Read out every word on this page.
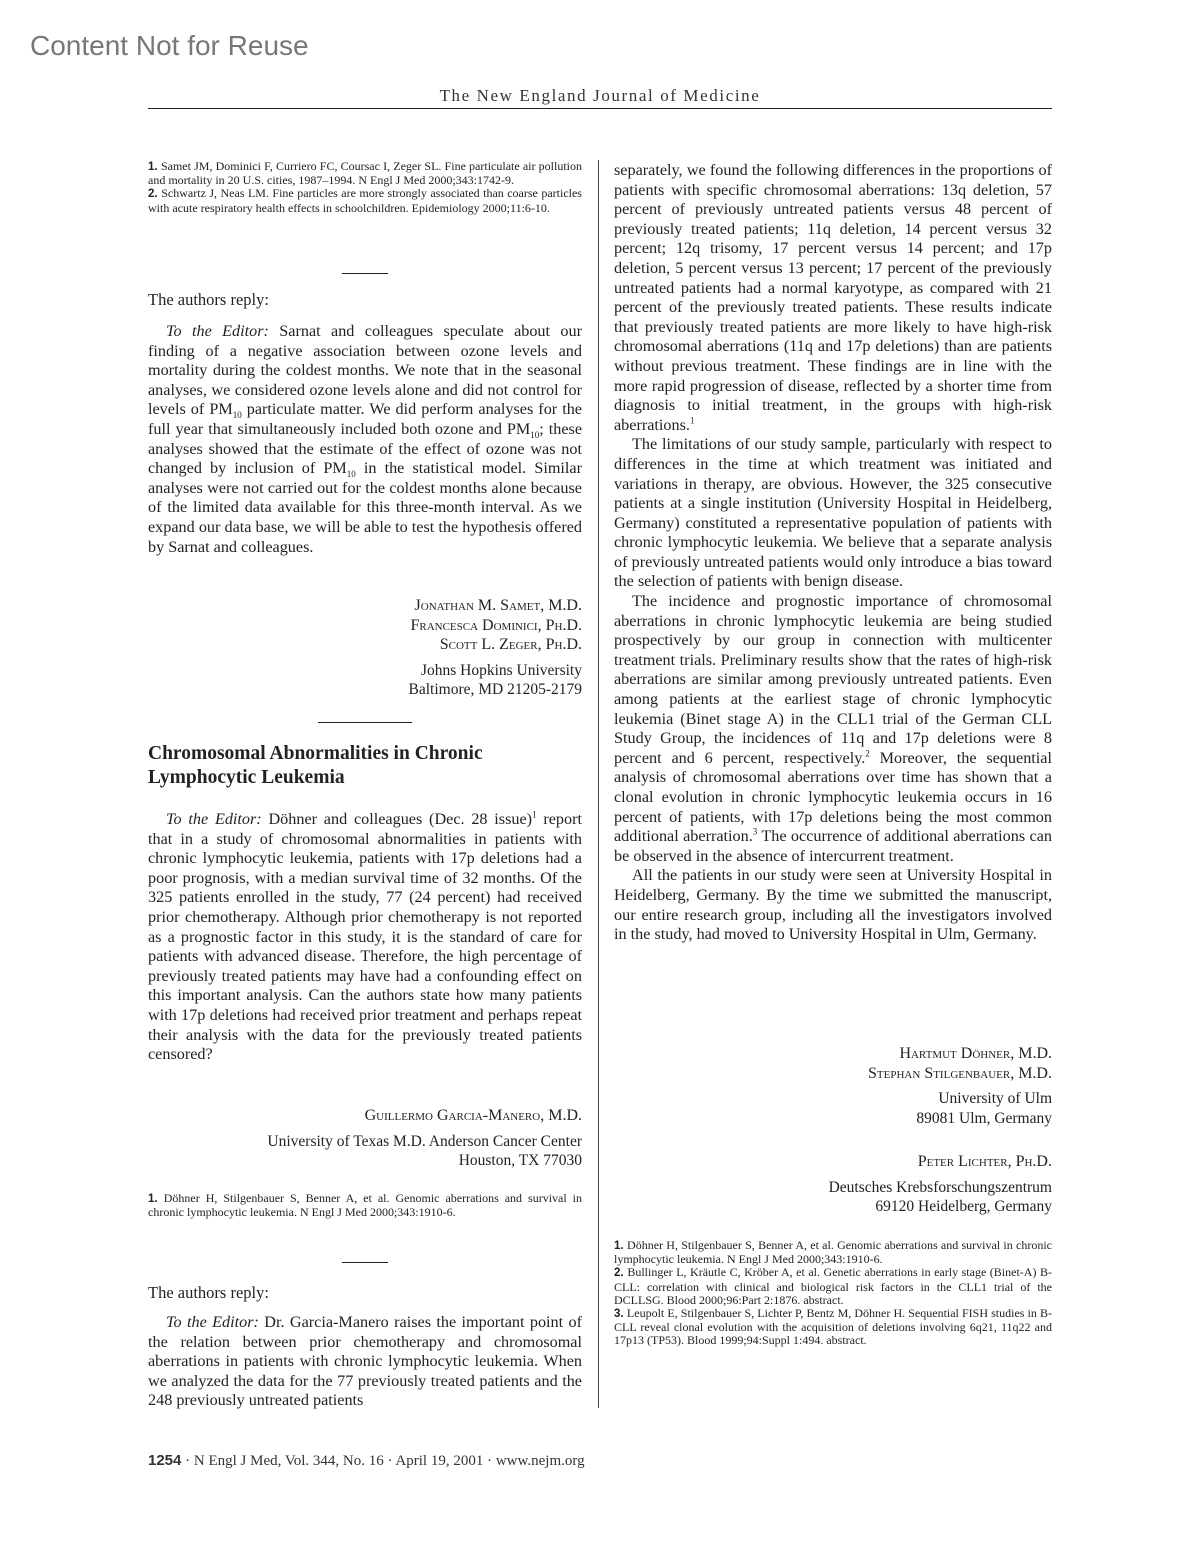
Content Not for Reuse
The New England Journal of Medicine

1. Samet JM, Dominici F, Curriero FC, Coursac I, Zeger SL. Fine particulate air pollution and mortality in 20 U.S. cities, 1987–1994. N Engl J Med 2000;343:1742-9.

2. Schwartz J, Neas LM. Fine particles are more strongly associated than coarse particles with acute respiratory health effects in schoolchildren. Epidemiology 2000;11:6-10.

The authors reply:

To the Editor: Sarnat and colleagues speculate about our finding of a negative association between ozone levels and mortality during the coldest months. We note that in the seasonal analyses, we considered ozone levels alone and did not control for levels of $PM_{10}$ particulate matter. We did perform analyses for the full year that simultaneously included both ozone and $PM_{10}$; these analyses showed that the estimate of the effect of ozone was not changed by inclusion of $PM_{10}$ in the statistical model. Similar analyses were not carried out for the coldest months alone because of the limited data available for this three-month interval. As we expand our data base, we will be able to test the hypothesis offered by Sarnat and colleagues.

Jonathan M. Samet, M.D.

Francesca Dominici, Ph.D.

Scott L. Zeger, Ph.D.

Johns Hopkins University

Baltimore, MD 21205-2179

Chromosomal Abnormalities in Chronic
Lymphocytic Leukemia

To the Editor: Döhner and colleagues (Dec. 28 issue)$^1$ report that in a study of chromosomal abnormalities in patients with chronic lymphocytic leukemia, patients with 17p deletions had a poor prognosis, with a median survival time of 32 months. Of the 325 patients enrolled in the study, 77 (24 percent) had received prior chemotherapy. Although prior chemotherapy is not reported as a prognostic factor in this study, it is the standard of care for patients with advanced disease. Therefore, the high percentage of previously treated patients may have had a confounding effect on this important analysis. Can the authors state how many patients with 17p deletions had received prior treatment and perhaps repeat their analysis with the data for the previously treated patients censored?

Guillermo Garcia-Manero, M.D.

University of Texas M.D. Anderson Cancer Center

Houston, TX 77030

1. Döhner H, Stilgenbauer S, Benner A, et al. Genomic aberrations and survival in chronic lymphocytic leukemia. N Engl J Med 2000;343:1910-6.

The authors reply:

To the Editor: Dr. Garcia-Manero raises the important point of the relation between prior chemotherapy and chromosomal aberrations in patients with chronic lymphocytic leukemia. When we analyzed the data for the 77 previously treated patients and the 248 previously untreated patients

separately, we found the following differences in the proportions of patients with specific chromosomal aberrations: 13q deletion, 57 percent of previously untreated patients versus 48 percent of previously treated patients; 11q deletion, 14 percent versus 32 percent; 12q trisomy, 17 percent versus 14 percent; and 17p deletion, 5 percent versus 13 percent; 17 percent of the previously untreated patients had a normal karyotype, as compared with 21 percent of the previously treated patients. These results indicate that previously treated patients are more likely to have high-risk chromosomal aberrations (11q and 17p deletions) than are patients without previous treatment. These findings are in line with the more rapid progression of disease, reflected by a shorter time from diagnosis to initial treatment, in the groups with high-risk aberrations.$^1$

The limitations of our study sample, particularly with respect to differences in the time at which treatment was initiated and variations in therapy, are obvious. However, the 325 consecutive patients at a single institution (University Hospital in Heidelberg, Germany) constituted a representative population of patients with chronic lymphocytic leukemia. We believe that a separate analysis of previously untreated patients would only introduce a bias toward the selection of patients with benign disease.

The incidence and prognostic importance of chromosomal aberrations in chronic lymphocytic leukemia are being studied prospectively by our group in connection with multicenter treatment trials. Preliminary results show that the rates of high-risk aberrations are similar among previously untreated patients. Even among patients at the earliest stage of chronic lymphocytic leukemia (Binet stage A) in the CLL1 trial of the German CLL Study Group, the incidences of 11q and 17p deletions were 8 percent and 6 percent, respectively.$^2$ Moreover, the sequential analysis of chromosomal aberrations over time has shown that a clonal evolution in chronic lymphocytic leukemia occurs in 16 percent of patients, with 17p deletions being the most common additional aberration.$^3$ The occurrence of additional aberrations can be observed in the absence of intercurrent treatment.

All the patients in our study were seen at University Hospital in Heidelberg, Germany. By the time we submitted the manuscript, our entire research group, including all the investigators involved in the study, had moved to University Hospital in Ulm, Germany.

Hartmut Döhner, M.D.

Stephan Stilgenbauer, M.D.

University of Ulm

89081 Ulm, Germany

Peter Lichter, Ph.D.

Deutsches Krebsforschungszentrum

69120 Heidelberg, Germany

1. Döhner H, Stilgenbauer S, Benner A, et al. Genomic aberrations and survival in chronic lymphocytic leukemia. N Engl J Med 2000;343:1910-6.

2. Bullinger L, Kräutle C, Kröber A, et al. Genetic aberrations in early stage (Binet-A) B-CLL: correlation with clinical and biological risk factors in the CLL1 trial of the DCLLSG. Blood 2000;96:Part 2:1876. abstract.

3. Leupolt E, Stilgenbauer S, Lichter P, Bentz M, Döhner H. Sequential FISH studies in B-CLL reveal clonal evolution with the acquisition of deletions involving 6q21, 11q22 and 17p13 (TP53). Blood 1999;94:Suppl 1:494. abstract.

1254 · N Engl J Med, Vol. 344, No. 16 · April 19, 2001 · www.nejm.org
